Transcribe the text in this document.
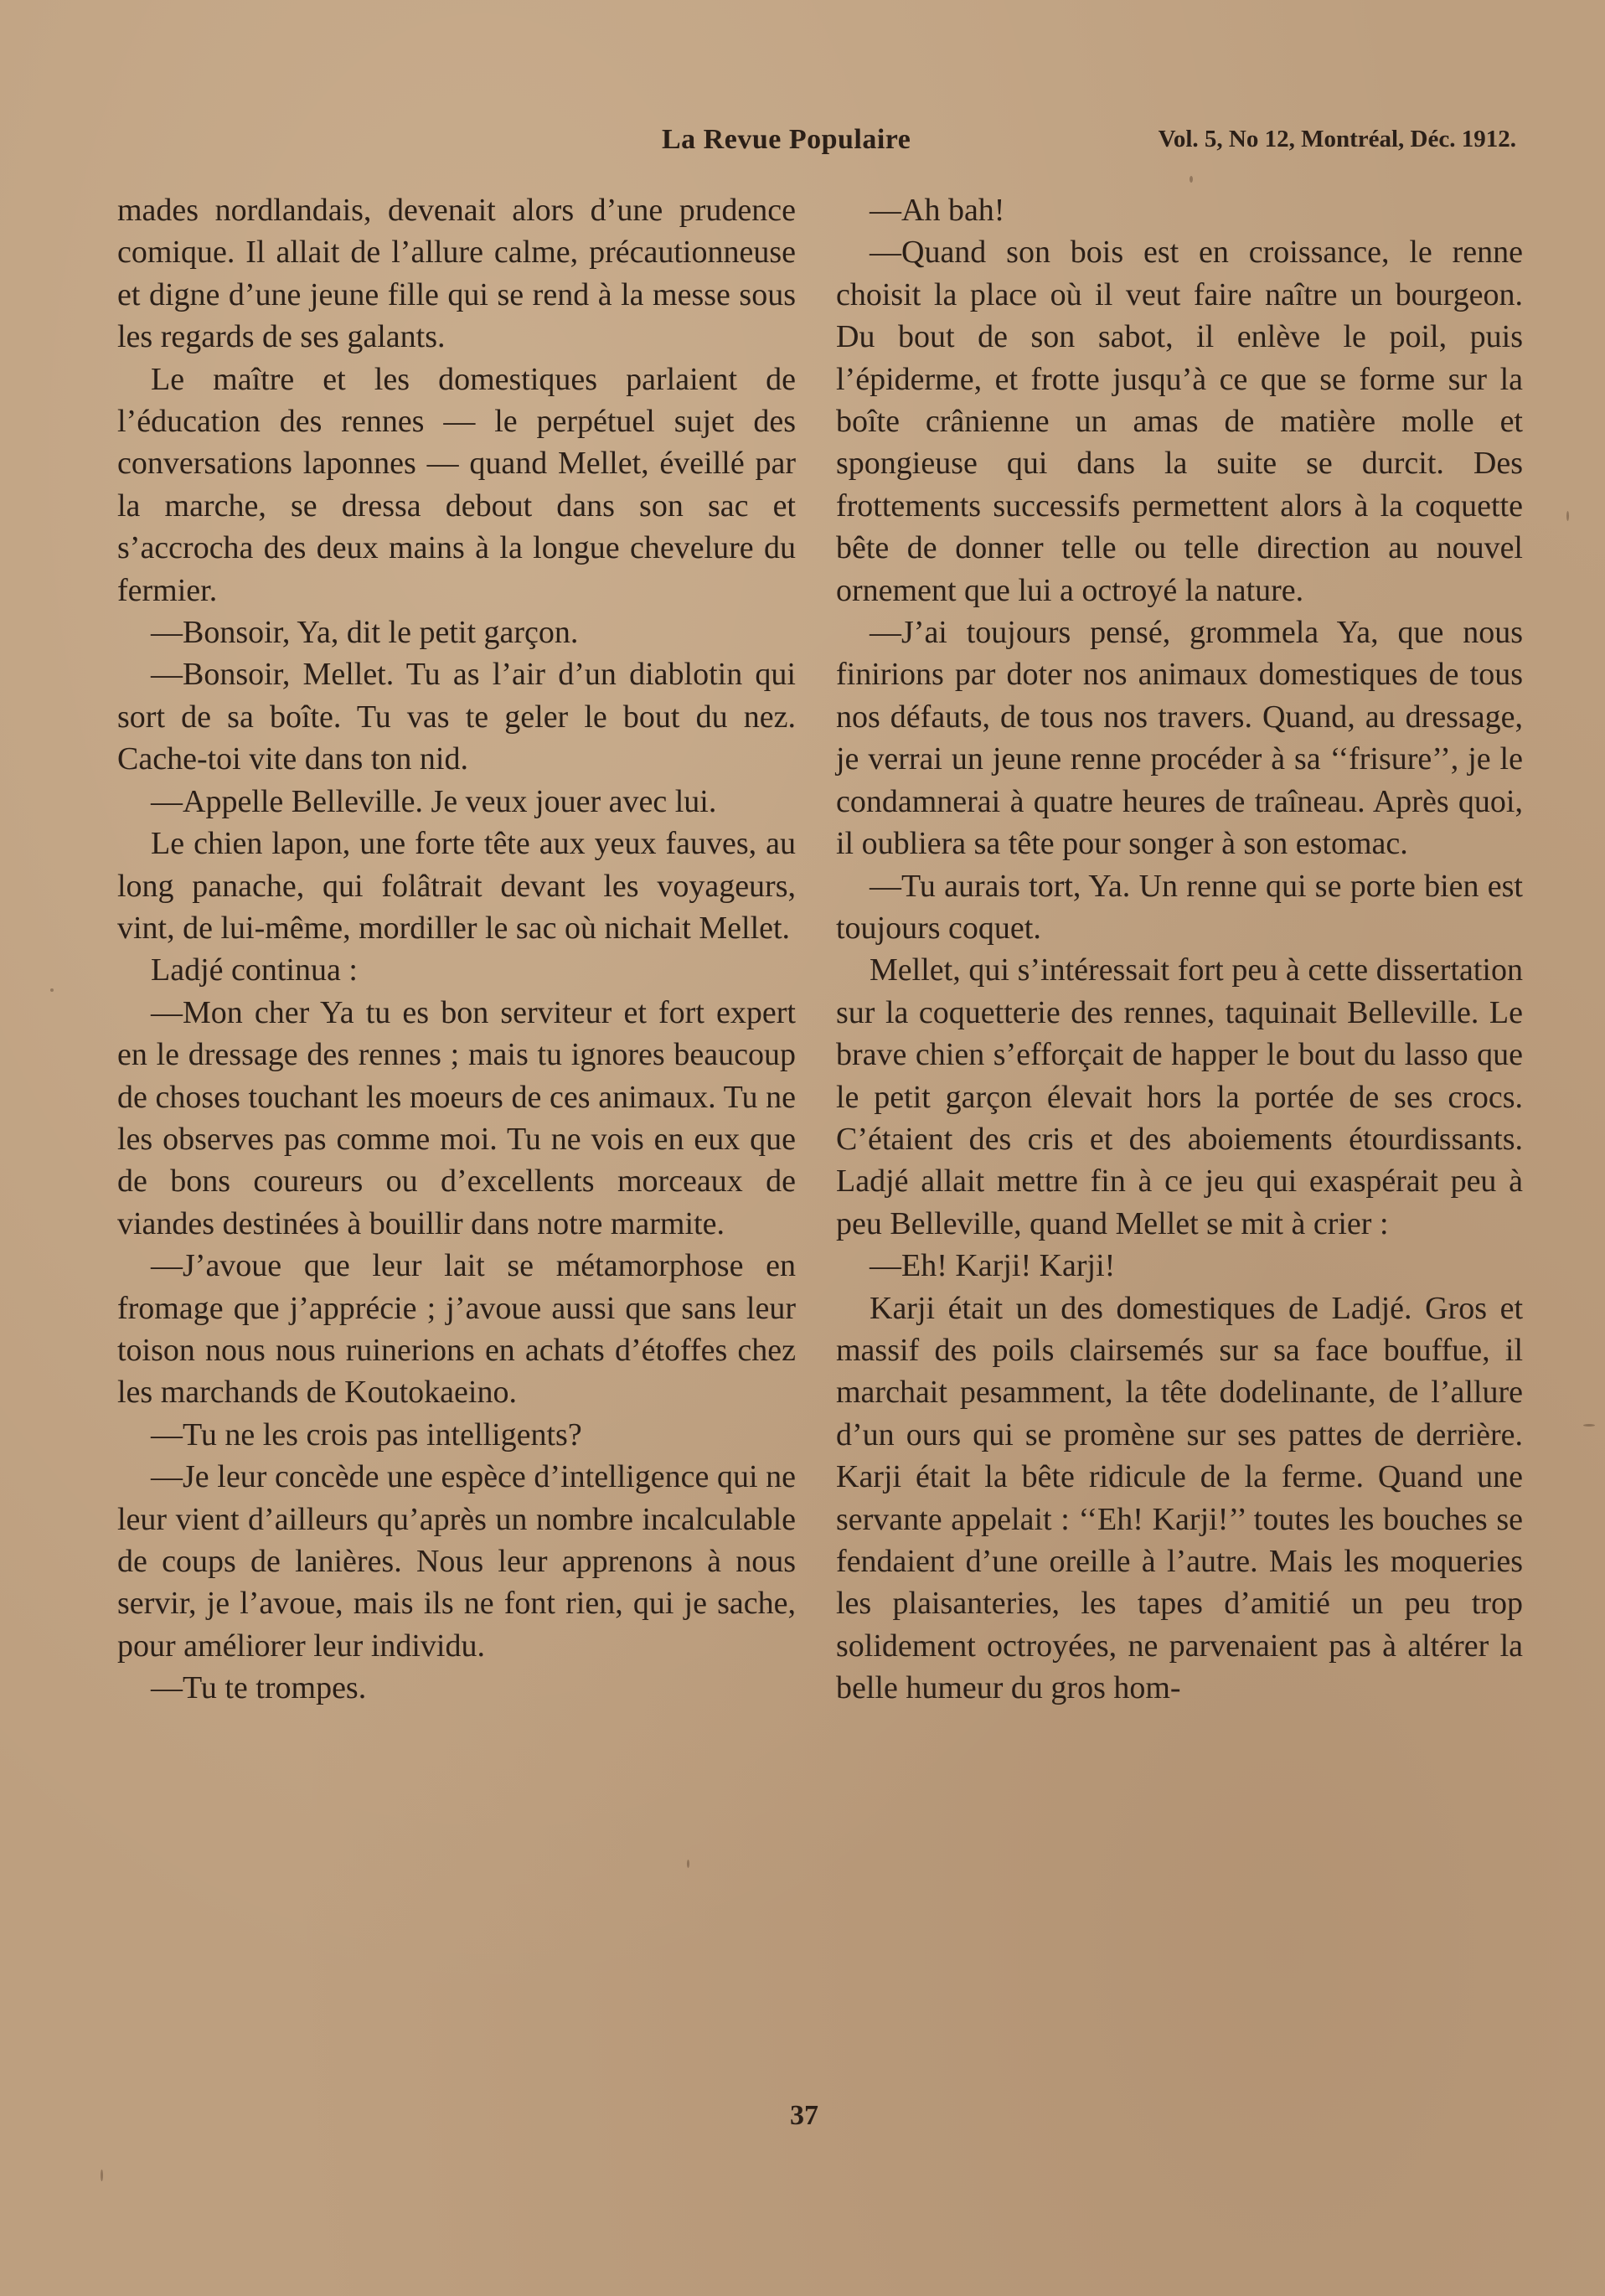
La Revue Populaire	Vol. 5, No 12, Montréal, Déc. 1912.

mades nordlandais, devenait alors d’une prudence comique. Il allait de l’allure calme, précautionneuse et digne d’une jeune fille qui se rend à la messe sous les regards de ses galants.

Le maître et les domestiques parlaient de l’éducation des rennes — le perpétuel sujet des conversations laponnes — quand Mellet, éveillé par la marche, se dressa debout dans son sac et s’accrocha des deux mains à la longue chevelure du fermier.

—Bonsoir, Ya, dit le petit garçon.

—Bonsoir, Mellet. Tu as l’air d’un diablotin qui sort de sa boîte. Tu vas te geler le bout du nez. Cache-toi vite dans ton nid.

—Appelle Belleville. Je veux jouer avec lui.

Le chien lapon, une forte tête aux yeux fauves, au long panache, qui folâtrait devant les voyageurs, vint, de lui-même, mordiller le sac où nichait Mellet.

Ladjé continua :

—Mon cher Ya tu es bon serviteur et fort expert en le dressage des rennes ; mais tu ignores beaucoup de choses touchant les moeurs de ces animaux. Tu ne les observes pas comme moi. Tu ne vois en eux que de bons coureurs ou d’excellents morceaux de viandes destinées à bouillir dans notre marmite.

—J’avoue que leur lait se métamorphose en fromage que j’apprécie ; j’avoue aussi que sans leur toison nous nous ruinerions en achats d’étoffes chez les marchands de Koutokaeino.

—Tu ne les crois pas intelligents?

—Je leur concède une espèce d’intelligence qui ne leur vient d’ailleurs qu’après un nombre incalculable de coups de lanières. Nous leur apprenons à nous servir, je l’avoue, mais ils ne font rien, qui je sache, pour améliorer leur individu.

—Tu te trompes.

—Ah bah!

—Quand son bois est en croissance, le renne choisit la place où il veut faire naître un bourgeon. Du bout de son sabot, il enlève le poil, puis l’épiderme, et frotte jusqu’à ce que se forme sur la boîte crânienne un amas de matière molle et spongieuse qui dans la suite se durcit. Des frottements successifs permettent alors à la coquette bête de donner telle ou telle direction au nouvel ornement que lui a octroyé la nature.

—J’ai toujours pensé, grommela Ya, que nous finirions par doter nos animaux domestiques de tous nos défauts, de tous nos travers. Quand, au dressage, je verrai un jeune renne procéder à sa ‘‘frisure’’, je le condamnerai à quatre heures de traîneau. Après quoi, il oubliera sa tête pour songer à son estomac.

—Tu aurais tort, Ya. Un renne qui se porte bien est toujours coquet.

Mellet, qui s’intéressait fort peu à cette dissertation sur la coquetterie des rennes, taquinait Belleville. Le brave chien s’efforçait de happer le bout du lasso que le petit garçon élevait hors la portée de ses crocs. C’étaient des cris et des aboiements étourdissants. Ladjé allait mettre fin à ce jeu qui exaspérait peu à peu Belleville, quand Mellet se mit à crier :

—Eh! Karji! Karji!

Karji était un des domestiques de Ladjé. Gros et massif des poils clairsemés sur sa face bouffue, il marchait pesamment, la tête dodelinante, de l’allure d’un ours qui se promène sur ses pattes de derrière. Karji était la bête ridicule de la ferme. Quand une servante appelait : ‘‘Eh! Karji!’’ toutes les bouches se fendaient d’une oreille à l’autre. Mais les moqueries les plaisanteries, les tapes d’amitié un peu trop solidement octroyées, ne parvenaient pas à altérer la belle humeur du gros hom-

37
